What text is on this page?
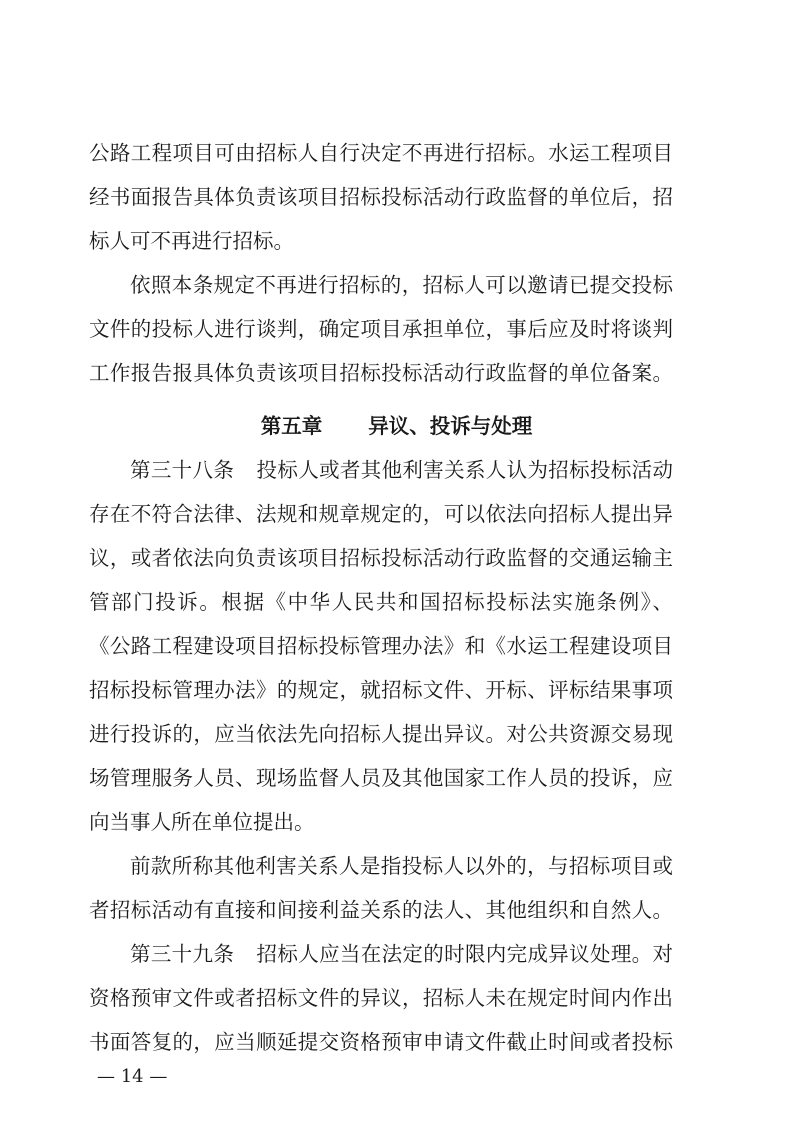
公路工程项目可由招标人自行决定不再进行招标。水运工程项目
经书面报告具体负责该项目招标投标活动行政监督的单位后，招
标人可不再进行招标。
依照本条规定不再进行招标的，招标人可以邀请已提交投标
文件的投标人进行谈判，确定项目承担单位，事后应及时将谈判
工作报告报具体负责该项目招标投标活动行政监督的单位备案。
第五章 异议、投诉与处理
第三十八条 投标人或者其他利害关系人认为招标投标活动
存在不符合法律、法规和规章规定的，可以依法向招标人提出异
议，或者依法向负责该项目招标投标活动行政监督的交通运输主
管部门投诉。根据《中华人民共和国招标投标法实施条例》、
《公路工程建设项目招标投标管理办法》和《水运工程建设项目
招标投标管理办法》的规定，就招标文件、开标、评标结果事项
进行投诉的，应当依法先向招标人提出异议。对公共资源交易现
场管理服务人员、现场监督人员及其他国家工作人员的投诉，应
向当事人所在单位提出。
前款所称其他利害关系人是指投标人以外的，与招标项目或
者招标活动有直接和间接利益关系的法人、其他组织和自然人。
第三十九条 招标人应当在法定的时限内完成异议处理。对
资格预审文件或者招标文件的异议，招标人未在规定时间内作出
书面答复的，应当顺延提交资格预审申请文件截止时间或者投标
— 14 —
